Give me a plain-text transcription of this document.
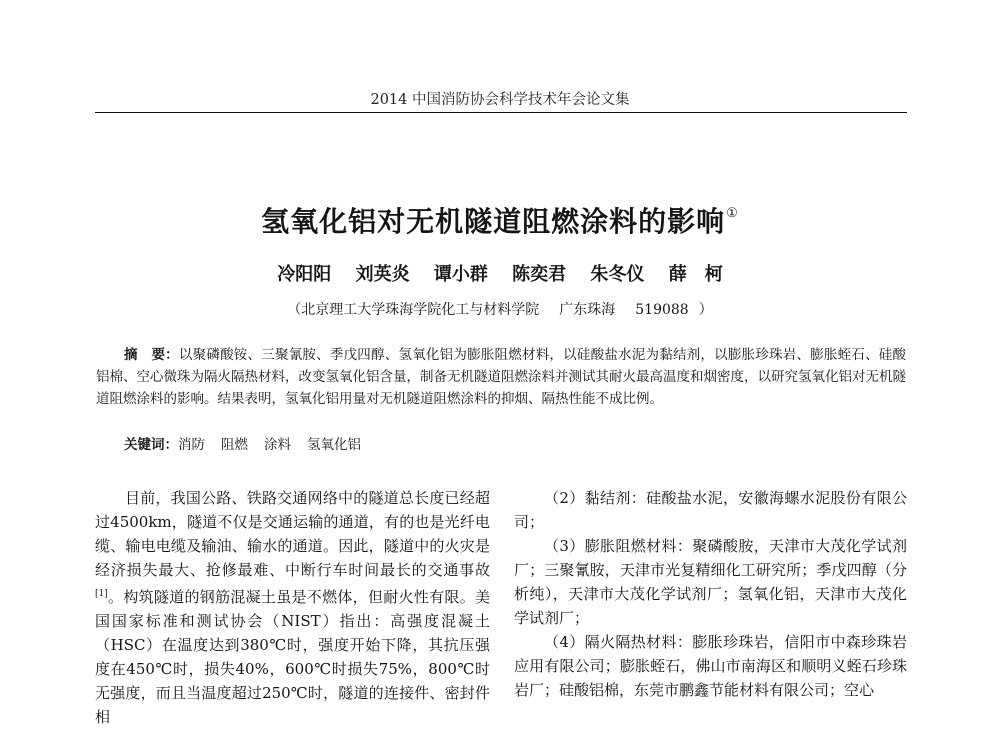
2014 中国消防协会科学技术年会论文集
氢氧化铝对无机隧道阻燃涂料的影响①
冷阳阳 刘英炎 谭小群 陈奕君 朱冬仪 薛　柯
（北京理工大学珠海学院化工与材料学院 广东珠海 519088 ）
摘　要：以聚磷酸铵、三聚氰胺、季戊四醇、氢氧化铝为膨胀阻燃材料，以硅酸盐水泥为黏结剂，以膨胀珍珠岩、膨胀蛭石、硅酸铝棉、空心微珠为隔火隔热材料，改变氢氧化铝含量，制备无机隧道阻燃涂料并测试其耐火最高温度和烟密度，以研究氢氧化铝对无机隧道阻燃涂料的影响。结果表明，氢氧化铝用量对无机隧道阻燃涂料的抑烟、隔热性能不成比例。
关键词：消防 阻燃 涂料 氢氧化铝

目前，我国公路、铁路交通网络中的隧道总长度已经超过4500km，隧道不仅是交通运输的通道，有的也是光纤电缆、输电电缆及输油、输水的通道。因此，隧道中的火灾是经济损失最大、抢修最难、中断行车时间最长的交通事故[1]。构筑隧道的钢筋混凝土虽是不燃体，但耐火性有限。美国国家标准和测试协会（NIST）指出：高强度混凝土（HSC）在温度达到380℃时，强度开始下降，其抗压强度在450℃时，损失40%，600℃时损失75%，800℃时无强度，而且当温度超过250℃时，隧道的连接件、密封件相

（2）黏结剂：硅酸盐水泥，安徽海螺水泥股份有限公司；

（3）膨胀阻燃材料：聚磷酸胺，天津市大茂化学试剂厂；三聚氰胺，天津市光复精细化工研究所；季戊四醇（分析纯），天津市大茂化学试剂厂；氢氧化铝，天津市大茂化学试剂厂；

（4）隔火隔热材料：膨胀珍珠岩，信阳市中森珍珠岩应用有限公司；膨胀蛭石，佛山市南海区和顺明义蛭石珍珠岩厂；硅酸铝棉，东莞市鹏鑫节能材料有限公司；空心
